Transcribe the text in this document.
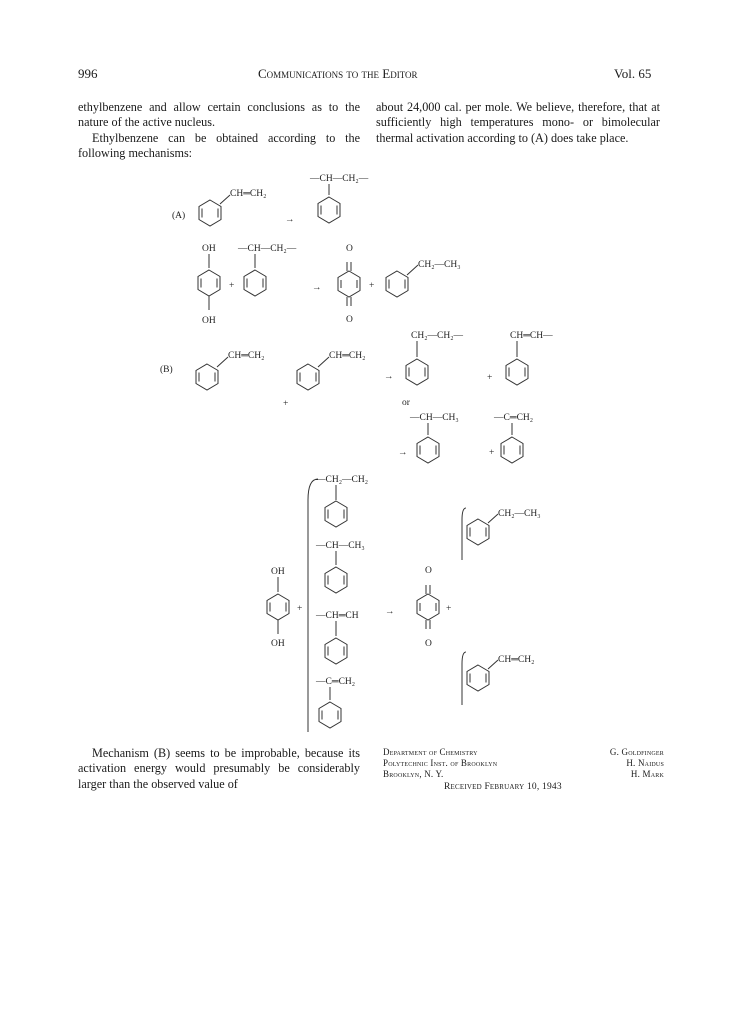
996	Communications to the Editor	Vol. 65

ethylbenzene and allow certain conclusions as to the nature of the active nucleus.

Ethylbenzene can be obtained according to the following mechanisms:

about 24,000 cal. per mole. We believe, therefore, that at sufficiently high temperatures mono- or bimolecular thermal activation according to (A) does take place.

(A)
CH═CH₂
→
—CH—CH₂—
OH
OH
+
—CH—CH₂—
→
O
O
+
CH₂—CH₃
(B)
CH═CH₂
+
CH═CH₂
CH₂—CH₂—
→	+
CH═CH—
or
—CH—CH₃
→
—C═CH₂
+
—CH₂—CH₂
—CH—CH₃
—CH═CH
—C═CH₂
OH
OH
+	→
O
O
+
CH₂—CH₃
CH═CH₂

Mechanism (B) seems to be improbable, because its activation energy would presumably be considerably larger than the observed value of

Department of Chemistry
Polytechnic Inst. of Brooklyn
Brooklyn, N. Y.
G. Goldfinger
H. Naidus
H. Mark
Received February 10, 1943
